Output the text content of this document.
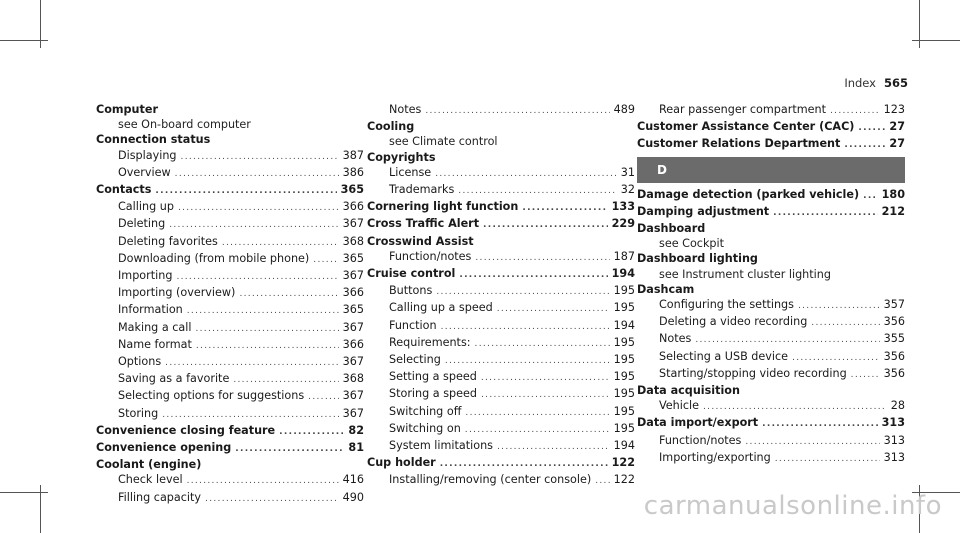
Index 565
Computer
see On-board computer
Connection status
Displaying .....	387
Overview .....	386
Contacts .....	365
Calling up .....	366
Deleting .....	367
Deleting favorites .....	368
Downloading (from mobile phone) .....	365
Importing .....	367
Importing (overview) .....	366
Information .....	365
Making a call .....	367
Name format .....	366
Options .....	367
Saving as a favorite .....	368
Selecting options for suggestions .....	367
Storing .....	367
Convenience closing feature .....	82
Convenience opening .....	81
Coolant (engine)
Check level .....	416
Filling capacity .....	490
Notes .....	489
Cooling
see Climate control
Copyrights
License .....	31
Trademarks .....	32
Cornering light function .....	133
Cross Traffic Alert .....	229
Crosswind Assist
Function/notes .....	187
Cruise control .....	194
Buttons .....	195
Calling up a speed .....	195
Function .....	194
Requirements: .....	195
Selecting .....	195
Setting a speed .....	195
Storing a speed .....	195
Switching off .....	195
Switching on .....	195
System limitations .....	194
Cup holder .....	122
Installing/removing (center console) ..... 122
Rear passenger compartment .....	123
Customer Assistance Center (CAC) .....	27
Customer Relations Department .....	27
D
Damage detection (parked vehicle) ..... 180
Damping adjustment .....	212
Dashboard
see Cockpit
Dashboard lighting
see Instrument cluster lighting
Dashcam
Configuring the settings .....	357
Deleting a video recording .....	356
Notes .....	355
Selecting a USB device .....	356
Starting/stopping video recording .....	356
Data acquisition
Vehicle .....	28
Data import/export .....	313
Function/notes .....	313
Importing/exporting .....	313
carmanualsonline.info
